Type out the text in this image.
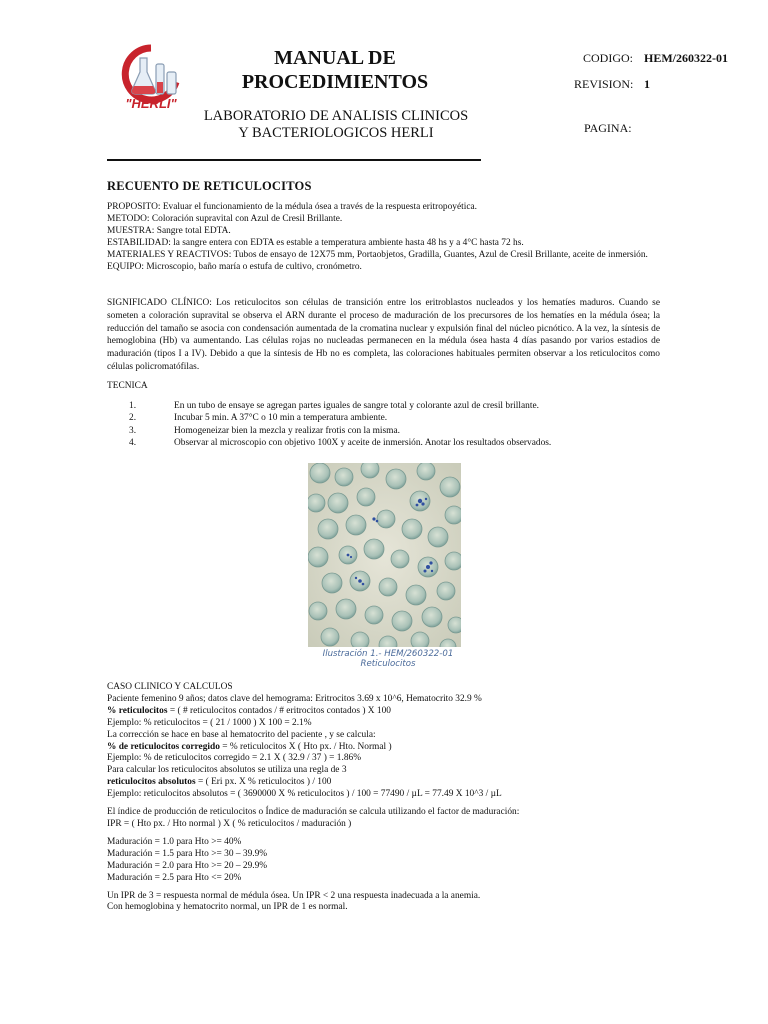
"HERLI"
MANUAL DE
PROCEDIMIENTOS
LABORATORIO DE ANALISIS CLINICOS
Y BACTERIOLOGICOS HERLI
CODIGO: HEM/260322-01
REVISION: 1
PAGINA:
RECUENTO DE RETICULOCITOS

PROPOSITO: Evaluar el funcionamiento de la médula ósea a través de la respuesta eritropoyética.

METODO: Coloración supravital con Azul de Cresil Brillante.

MUESTRA: Sangre total EDTA.

ESTABILIDAD: la sangre entera con EDTA es estable a temperatura ambiente hasta 48 hs y a 4°C hasta 72 hs.

MATERIALES Y REACTIVOS: Tubos de ensayo de 12X75 mm, Portaobjetos, Gradilla, Guantes, Azul de Cresil Brillante, aceite de inmersión.

EQUIPO: Microscopio, baño maría o estufa de cultivo, cronómetro.

SIGNIFICADO CLÍNICO: Los reticulocitos son células de transición entre los eritroblastos nucleados y los hematíes maduros. Cuando se someten a coloración supravital se observa el ARN durante el proceso de maduración de los precursores de los hematíes en la médula ósea; la reducción del tamaño se asocia con condensación aumentada de la cromatina nuclear y expulsión final del núcleo picnótico. A la vez, la síntesis de hemoglobina (Hb) va aumentando. Las células rojas no nucleadas permanecen en la médula ósea hasta 4 días pasando por varios estadios de maduración (tipos I a IV). Debido a que la síntesis de Hb no es completa, las coloraciones habituales permiten observar a los reticulocitos como células policromatófilas.
TECNICA
1.	En un tubo de ensaye se agregan partes iguales de sangre total y colorante azul de cresil brillante.
2.	Incubar 5 min. A 37°C o 10 min a temperatura ambiente.
3.	Homogeneizar bien la mezcla y realizar frotis con la misma.
4.	Observar al microscopio con objetivo 100X y aceite de inmersión. Anotar los resultados observados.
Ilustración 1.- HEM/260322-01 Reticulocitos

CASO CLINICO Y CALCULOS

Paciente femenino 9 años; datos clave del hemograma: Eritrocitos 3.69 x 10^6, Hematocrito 32.9 %

% reticulocitos = ( # reticulocitos contados / # eritrocitos contados ) X 100

Ejemplo: % reticulocitos = ( 21 / 1000 ) X 100 = 2.1%

La corrección se hace en base al hematocrito del paciente , y se calcula:

% de reticulocitos corregido = % reticulocitos X ( Hto px. / Hto. Normal )

Ejemplo: % de reticulocitos corregido = 2.1 X ( 32.9 / 37 ) = 1.86%

Para calcular los reticulocitos absolutos se utiliza una regla de 3

reticulocitos absolutos = ( Eri px. X % reticulocitos ) / 100

Ejemplo: reticulocitos absolutos = ( 3690000 X % reticulocitos ) / 100 = 77490 / µL = 77.49 X 10^3 / µL

El índice de producción de reticulocitos o Índice de maduración se calcula utilizando el factor de maduración:

IPR = ( Hto px. / Hto normal ) X ( % reticulocitos / maduración )

Maduración = 1.0 para Hto >= 40%

Maduración = 1.5 para Hto >= 30 – 39.9%

Maduración = 2.0 para Hto >= 20 – 29.9%

Maduración = 2.5 para Hto <= 20%

Un IPR de 3 = respuesta normal de médula ósea. Un IPR < 2 una respuesta inadecuada a la anemia.

Con hemoglobina y hematocrito normal, un IPR de 1 es normal.
